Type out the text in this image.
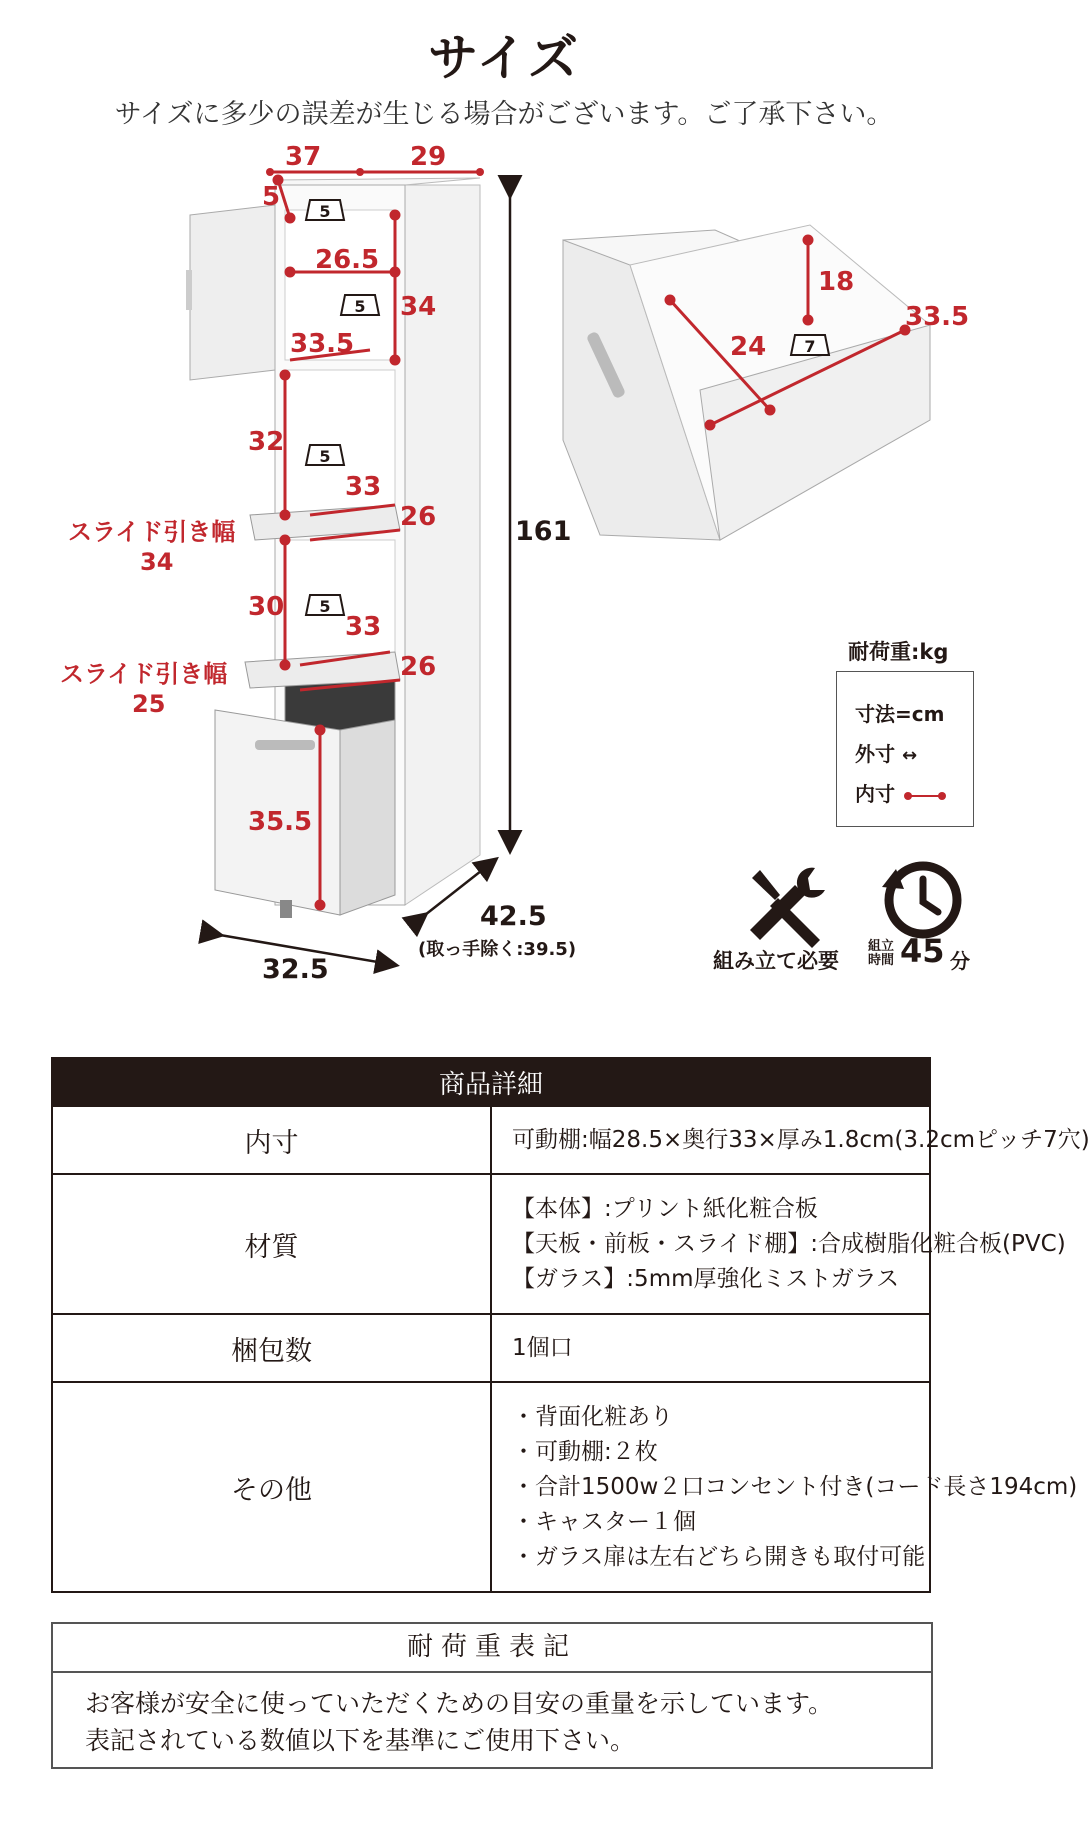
サイズ
サイズに多少の誤差が生じる場合がございます。ご了承下さい。
5
5
5
5
37	29
5
26.5
34
33.5
32
33
26
30
33
26
35.5
161
42.5
(取っ手除く:39.5)
32.5
スライド引き幅
34
スライド引き幅
25
18
24
33.5
7
耐荷重:kg
寸法=cm
外寸 ↔
内寸
組み立て必要
組立
時間 45 分
商品詳細	
内寸	可動棚:幅28.5×奥行33×厚み1.8cm(3.2cmピッチ7穴)

材質	【本体】:プリント紙化粧合板
【天板・前板・スライド棚】:合成樹脂化粧合板(PVC)
【ガラス】:5mm厚強化ミストガラス

梱包数	1個口

その他	・背面化粧あり
・可動棚:２枚
・合計1500w２口コンセント付き(コード長さ194cm)
・キャスター１個
・ガラス扉は左右どちら開きも取付可能
耐荷重表記
お客様が安全に使っていただくための目安の重量を示しています。
表記されている数値以下を基準にご使用下さい。
